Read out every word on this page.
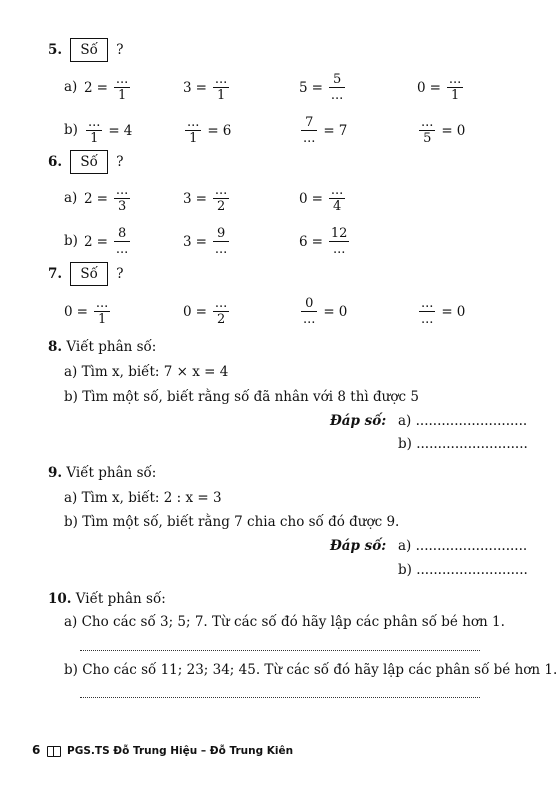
5. Số ?
a) $2 = \frac{...}{1}$	$3 = \frac{...}{1}$	$5 = \frac{5}{...}$	$0 = \frac{...}{1}$
$b) \frac{...}{1} = 4$	$\frac{...}{1} = 6$	$\frac{7}{...} = 7$	$\frac{...}{5} = 0$
6. Số ?
a) $2 = \frac{...}{3}$	$3 = \frac{...}{2}$	$0 = \frac{...}{4}$
b) $2 = \frac{8}{...}$	$3 = \frac{9}{...}$	$6 = \frac{12}{...}$
7. Số ?
$0 = \frac{...}{1}$	$0 = \frac{...}{2}$	$\frac{0}{...} = 0$	$\frac{...}{...} = 0$
8. Viết phân số:
a) Tìm x, biết: 7 × x = 4
b) Tìm một số, biết rằng số đã nhân với 8 thì được 5
Đáp số: a) ..........................
b) ..........................
9. Viết phân số:
a) Tìm x, biết: 2 : x = 3
b) Tìm một số, biết rằng 7 chia cho số đó được 9.
Đáp số: a) ..........................
b) ..........................
10. Viết phân số:
a) Cho các số 3; 5; 7. Từ các số đó hãy lập các phân số bé hơn 1.
b) Cho các số 11; 23; 34; 45. Từ các số đó hãy lập các phân số bé hơn 1.
6	PGS.TS Đỗ Trung Hiệu – Đỗ Trung Kiên
